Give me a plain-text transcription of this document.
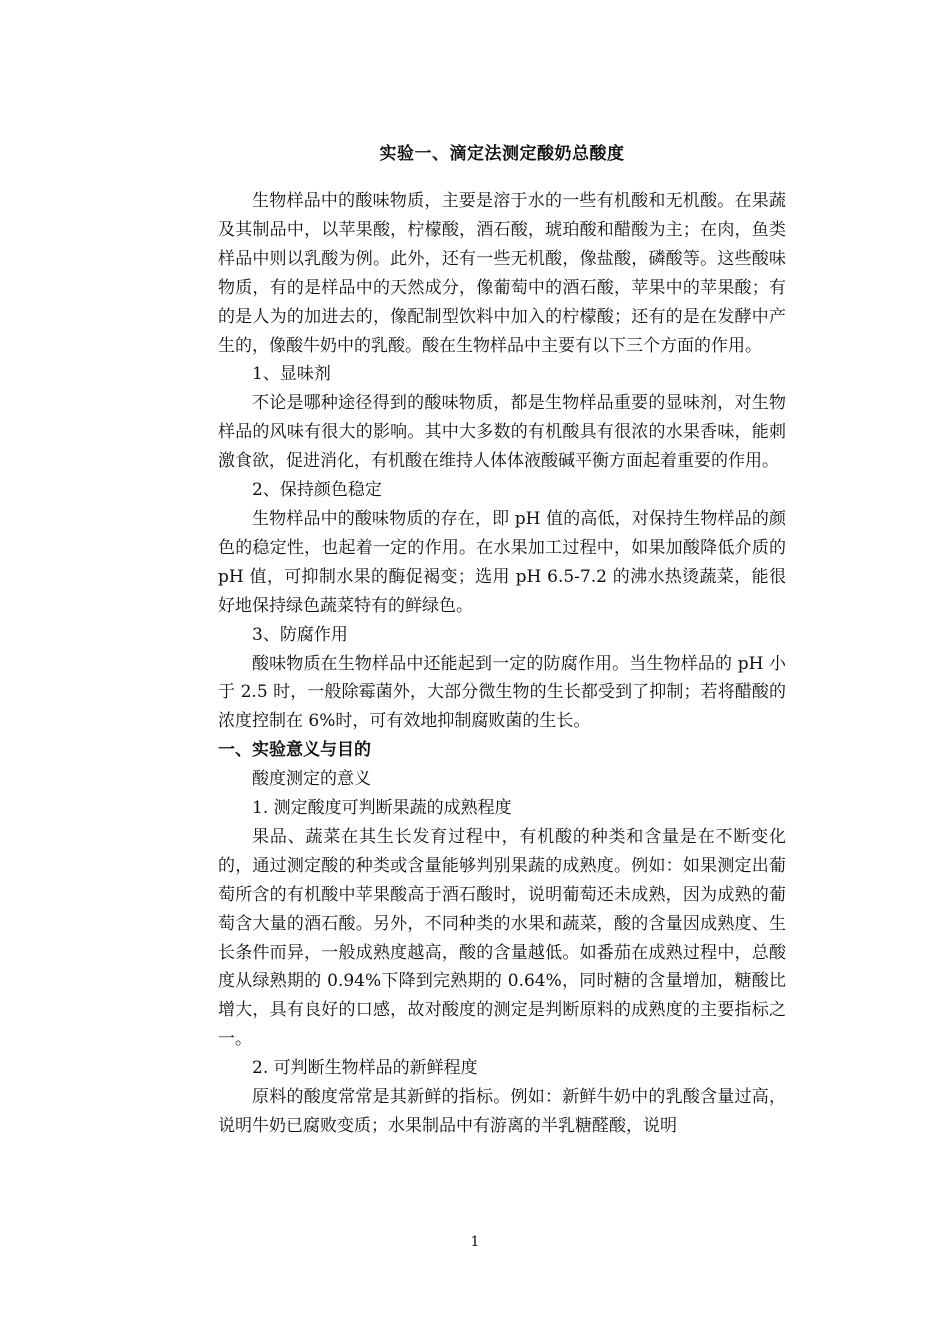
实验一、滴定法测定酸奶总酸度

生物样品中的酸味物质，主要是溶于水的一些有机酸和无机酸。在果蔬及其制品中，以苹果酸，柠檬酸，酒石酸，琥珀酸和醋酸为主；在肉，鱼类样品中则以乳酸为例。此外，还有一些无机酸，像盐酸，磷酸等。这些酸味物质，有的是样品中的天然成分，像葡萄中的酒石酸，苹果中的苹果酸；有的是人为的加进去的，像配制型饮料中加入的柠檬酸；还有的是在发酵中产生的，像酸牛奶中的乳酸。酸在生物样品中主要有以下三个方面的作用。

1、显味剂

不论是哪种途径得到的酸味物质，都是生物样品重要的显味剂，对生物样品的风味有很大的影响。其中大多数的有机酸具有很浓的水果香味，能刺激食欲，促进消化，有机酸在维持人体体液酸碱平衡方面起着重要的作用。

2、保持颜色稳定

生物样品中的酸味物质的存在，即 pH 值的高低，对保持生物样品的颜色的稳定性，也起着一定的作用。在水果加工过程中，如果加酸降低介质的 pH 值，可抑制水果的酶促褐变；选用 pH 6.5-7.2 的沸水热烫蔬菜，能很好地保持绿色蔬菜特有的鲜绿色。

3、防腐作用

酸味物质在生物样品中还能起到一定的防腐作用。当生物样品的 pH 小于 2.5 时，一般除霉菌外，大部分微生物的生长都受到了抑制；若将醋酸的浓度控制在 6%时，可有效地抑制腐败菌的生长。

一、实验意义与目的

酸度测定的意义

1. 测定酸度可判断果蔬的成熟程度

果品、蔬菜在其生长发育过程中，有机酸的种类和含量是在不断变化的，通过测定酸的种类或含量能够判别果蔬的成熟度。例如：如果测定出葡萄所含的有机酸中苹果酸高于酒石酸时，说明葡萄还未成熟，因为成熟的葡萄含大量的酒石酸。另外，不同种类的水果和蔬菜，酸的含量因成熟度、生长条件而异，一般成熟度越高，酸的含量越低。如番茄在成熟过程中，总酸度从绿熟期的 0.94%下降到完熟期的 0.64%，同时糖的含量增加，糖酸比增大，具有良好的口感，故对酸度的测定是判断原料的成熟度的主要指标之一。

2. 可判断生物样品的新鲜程度

原料的酸度常常是其新鲜的指标。例如：新鲜牛奶中的乳酸含量过高，说明牛奶已腐败变质；水果制品中有游离的半乳糖醛酸，说明

1
